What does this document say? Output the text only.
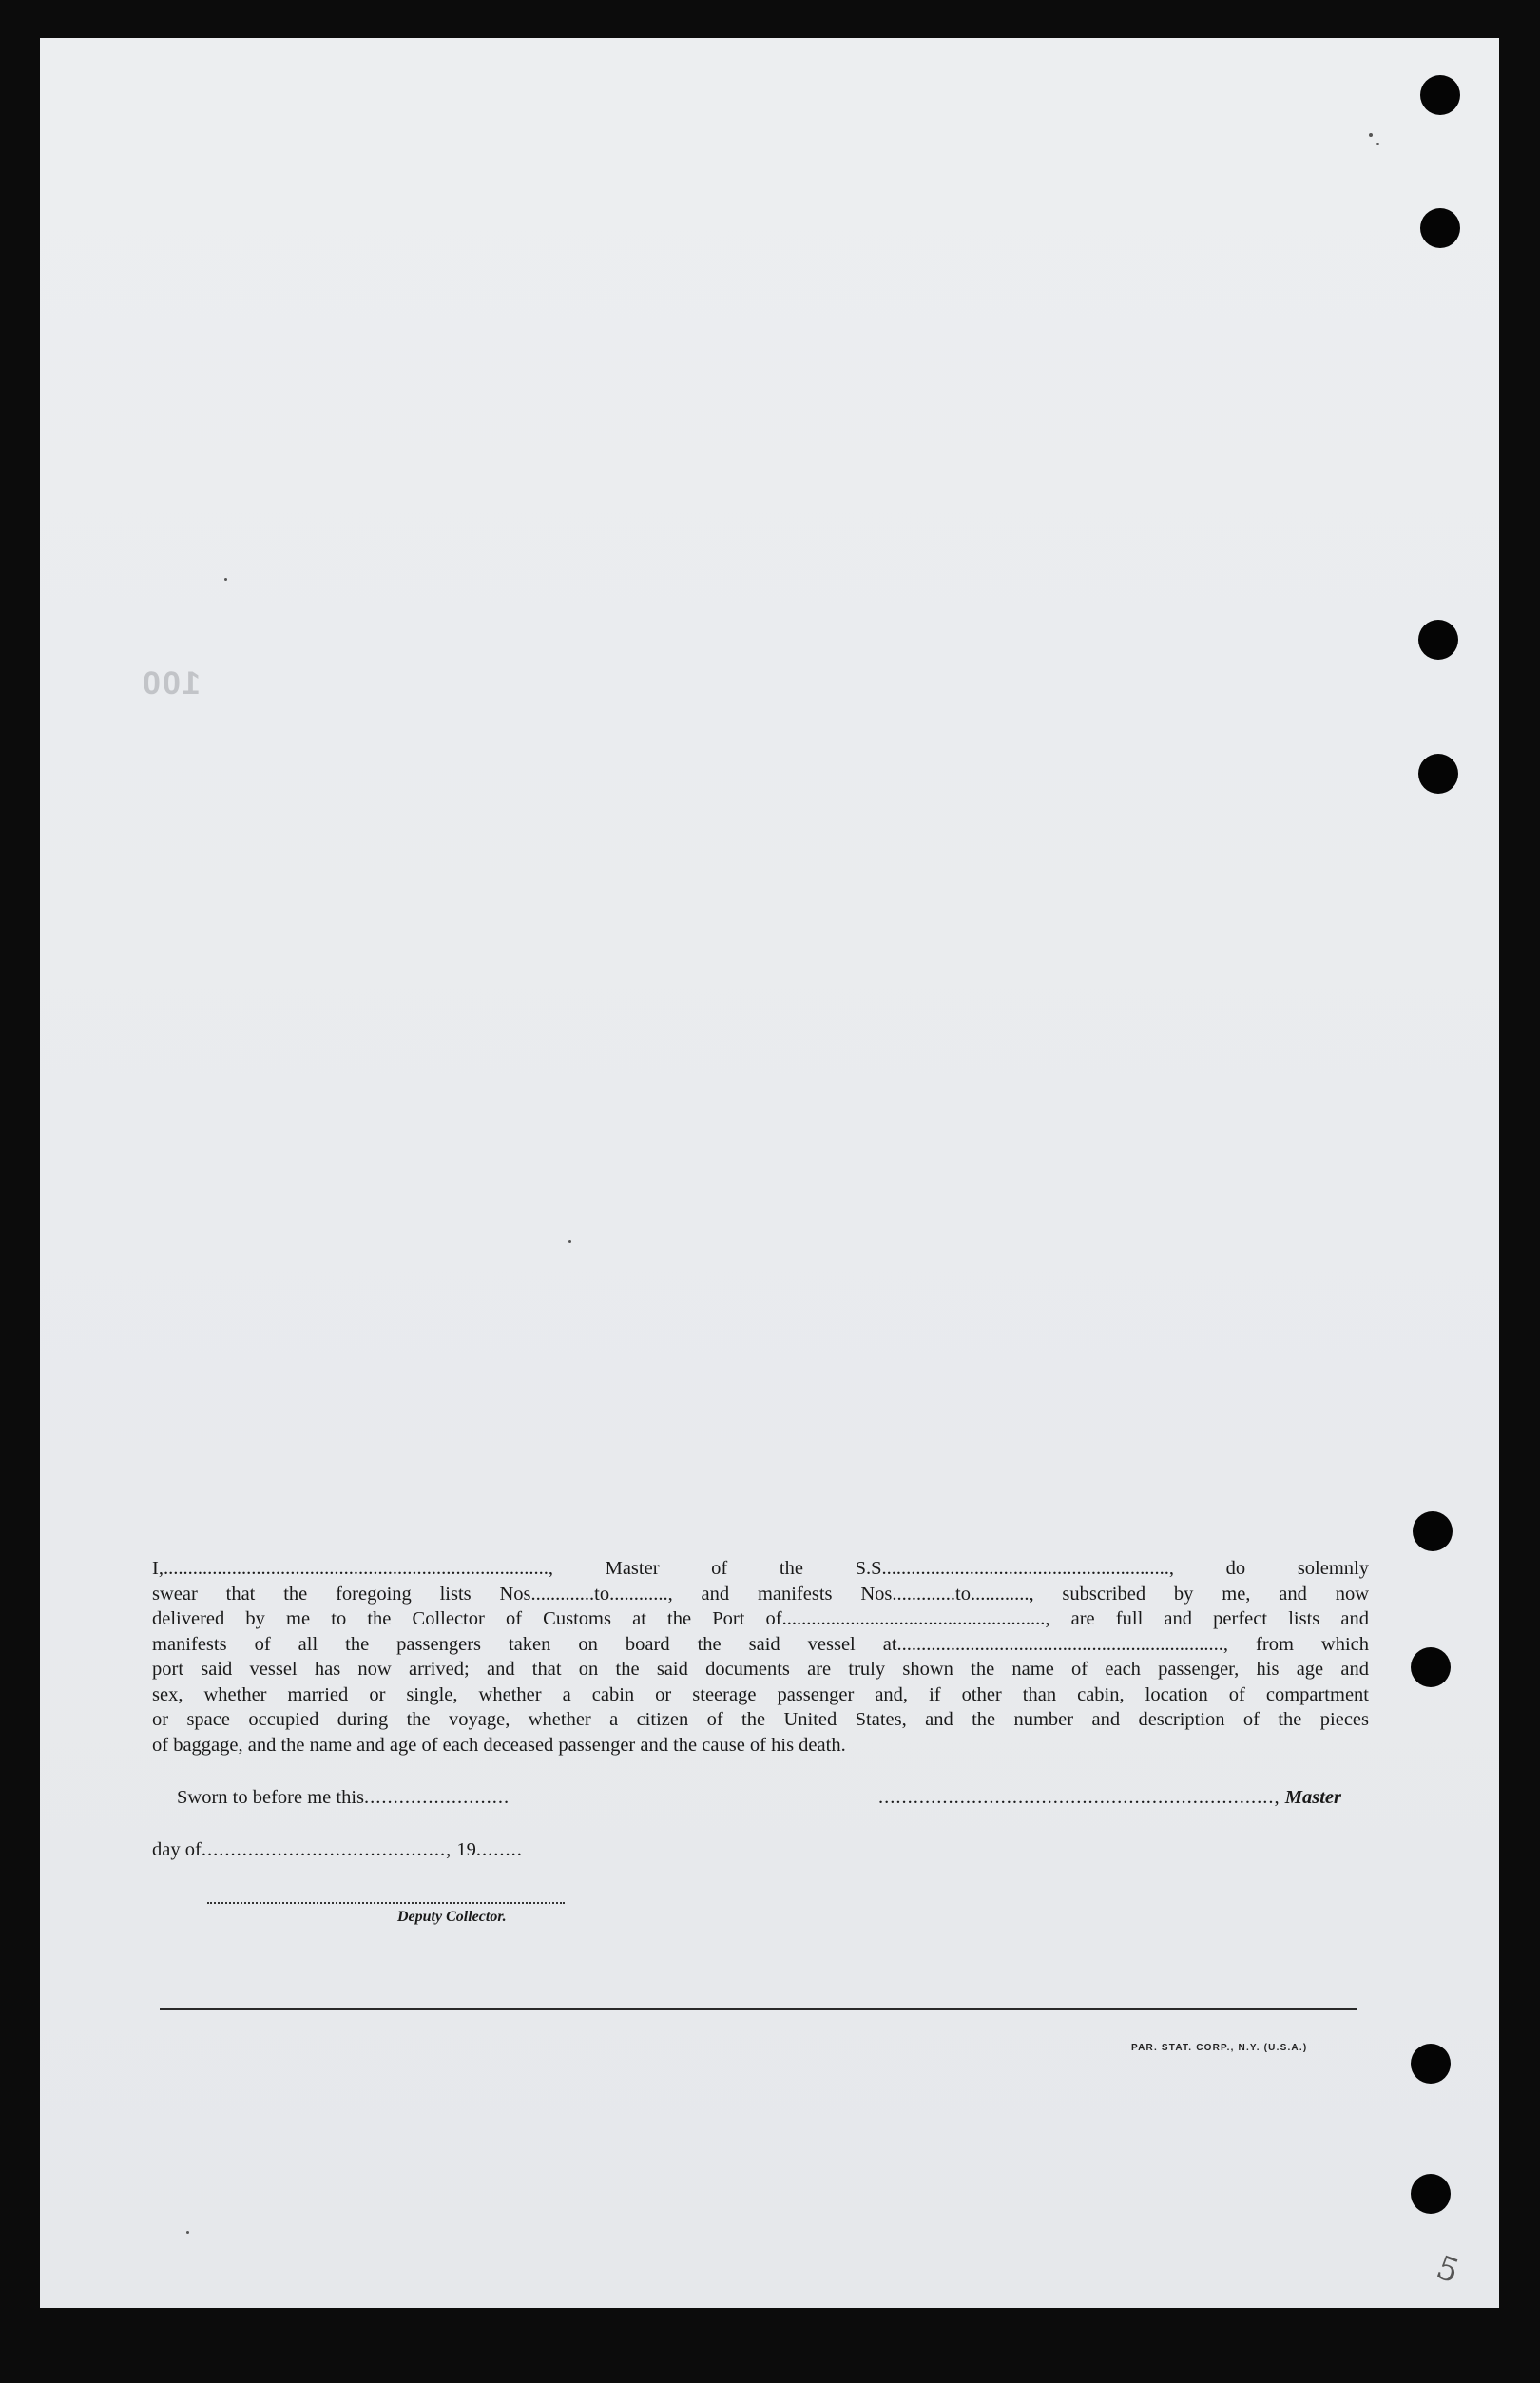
100
I,..............................................................................., Master of the S.S..........................................................., do solemnly
swear that the foregoing lists Nos.............to............, and manifests Nos.............to............, subscribed by me, and now
delivered by me to the Collector of Customs at the Port of......................................................, are full and perfect lists and
manifests of all the passengers taken on board the said vessel at..................................................................., from which
port said vessel has now arrived; and that on the said documents are truly shown the name of each passenger, his age and
sex, whether married or single, whether a cabin or steerage passenger and, if other than cabin, location of compartment
or space occupied during the voyage, whether a citizen of the United States, and the number and description of the pieces
of baggage, and the name and age of each deceased passenger and the cause of his death.
Sworn to before me this.........................	...................................................................., Master
day of.........................................., 19........
Deputy Collector.
PAR. STAT. CORP., N.Y. (U.S.A.)
5
